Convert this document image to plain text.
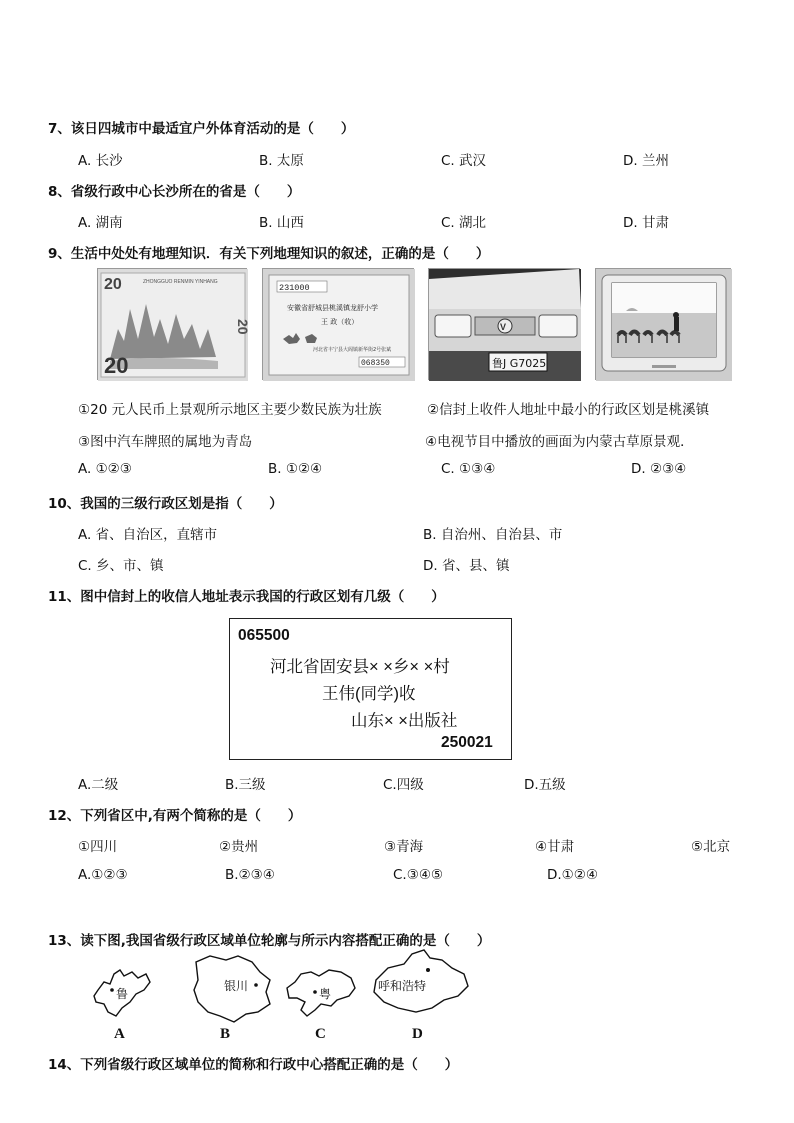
7、该日四城市中最适宜户外体育活动的是（　　）
A. 长沙	B. 太原	C. 武汉	D. 兰州
8、省级行政中心长沙所在的省是（　　）
A. 湖南	B. 山西	C. 湖北	D. 甘肃
9、生活中处处有地理知识．有关下列地理知识的叙述，正确的是（　　）
20
20
ZHONGGUO RENMIN YINHANG
20
231000
安徽省舒城县桃溪镇龙舒小学
王 政（收）
河北省丰宁县大阁镇新华街2号张斌
068350
V
鲁J G7025
①20 元人民币上景观所示地区主要少数民族为壮族	②信封上收件人地址中最小的行政区划是桃溪镇
③图中汽车牌照的属地为青岛	④电视节目中播放的画面为内蒙古草原景观．
A. ①②③	B. ①②④	C. ①③④	D. ②③④
10、我国的三级行政区划是指（　　）
A. 省、自治区，直辖市	B. 自治州、自治县、市
C. 乡、市、镇	D. 省、县、镇
11、图中信封上的收信人地址表示我国的行政区划有几级（　　）
065500
河北省固安县× ×乡× ×村
王伟(同学)收
山东× ×出版社
250021
A.二级	B.三级	C.四级	D.五级
12、下列省区中,有两个简称的是（　　）
①四川	②贵州	③青海	④甘肃	⑤北京
A.①②③	B.②③④	C.③④⑤	D.①②④
13、读下图,我国省级行政区域单位轮廓与所示内容搭配正确的是（　　）
鲁
A
银川
B
粤
C
呼和浩特
D
14、下列省级行政区域单位的简称和行政中心搭配正确的是（　　）
